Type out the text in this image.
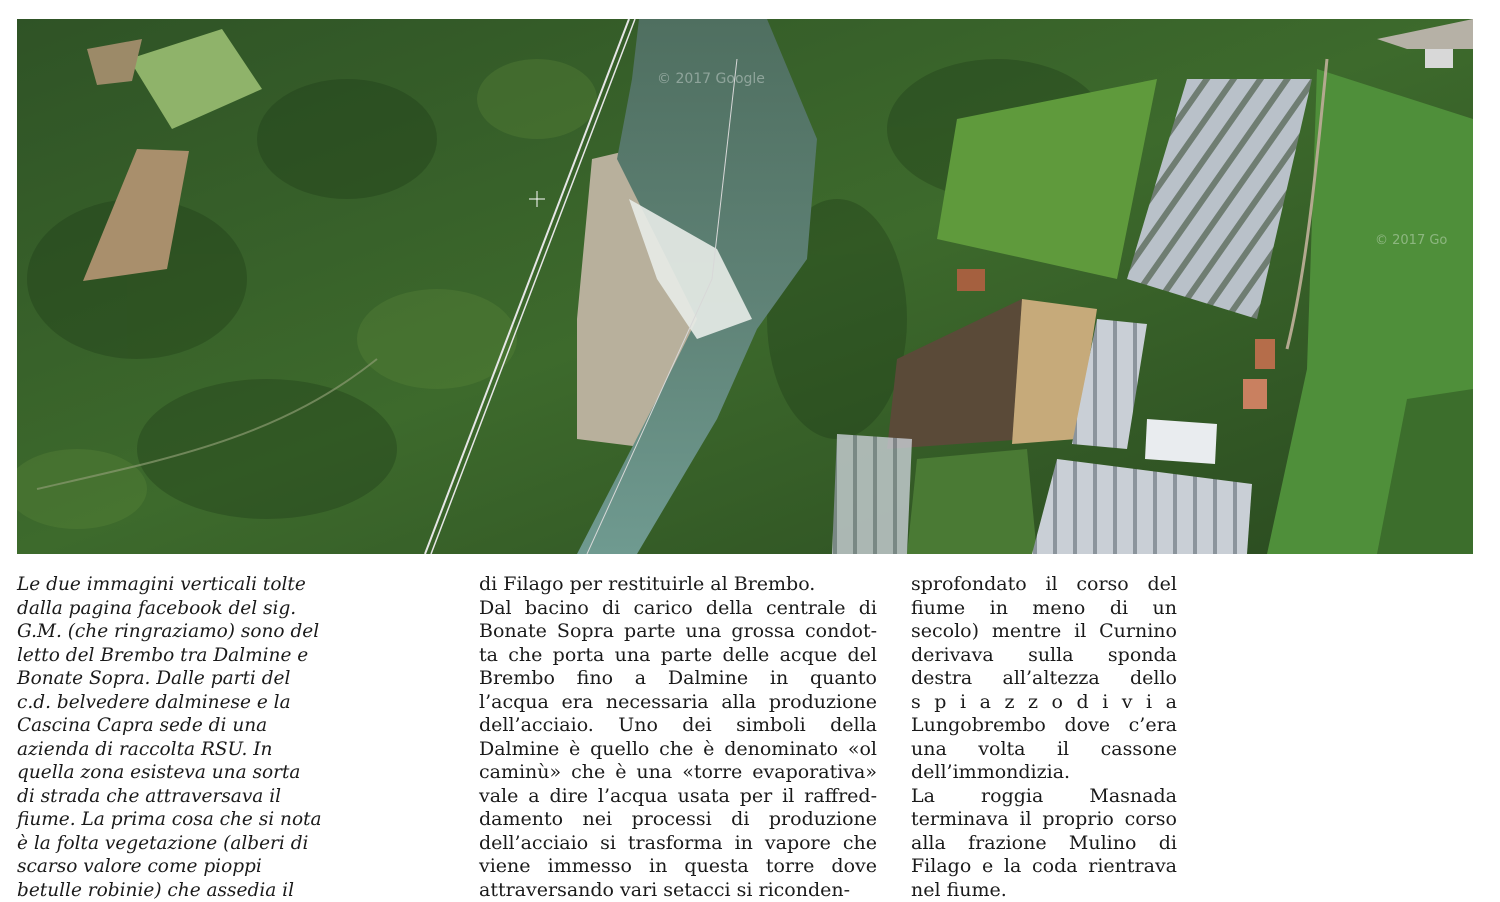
© 2017 Google
© 2017 Go

Le due immagini verticali tolte
dalla pagina facebook del sig.
G.M. (che ringraziamo) sono del
letto del Brembo tra Dalmine e
Bonate Sopra. Dalle parti del
c.d. belvedere dalminese e la
Cascina Capra sede di una
azienda di raccolta RSU. In
quella zona esisteva una sorta
di strada che attraversava il
fiume. La prima cosa che si nota
è la folta vegetazione (alberi di
scarso valore come pioppi
betulle robinie) che assedia il

di Filago per restituirle al Brembo.
Dal bacino di carico della centrale di
Bonate Sopra parte una grossa condot-
ta che porta una parte delle acque del
Brembo fino a Dalmine in quanto
l’acqua era necessaria alla produzione
dell’acciaio. Uno dei simboli della
Dalmine è quello che è denominato «ol
caminù» che è una «torre evaporativa»
vale a dire l’acqua usata per il raffred-
damento nei processi di produzione
dell’acciaio si trasforma in vapore che
viene immesso in questa torre dove
attraversando vari setacci si riconden-

sprofondato il corso del
fiume in meno di un
secolo) mentre il Curnino
derivava sulla sponda
destra all’altezza dello
s p i a z z o d i v i a
Lungobrembo dove c’era
una volta il cassone
dell’immondizia.
La roggia Masnada
terminava il proprio corso
alla frazione Mulino di
Filago e la coda rientrava
nel fiume.
